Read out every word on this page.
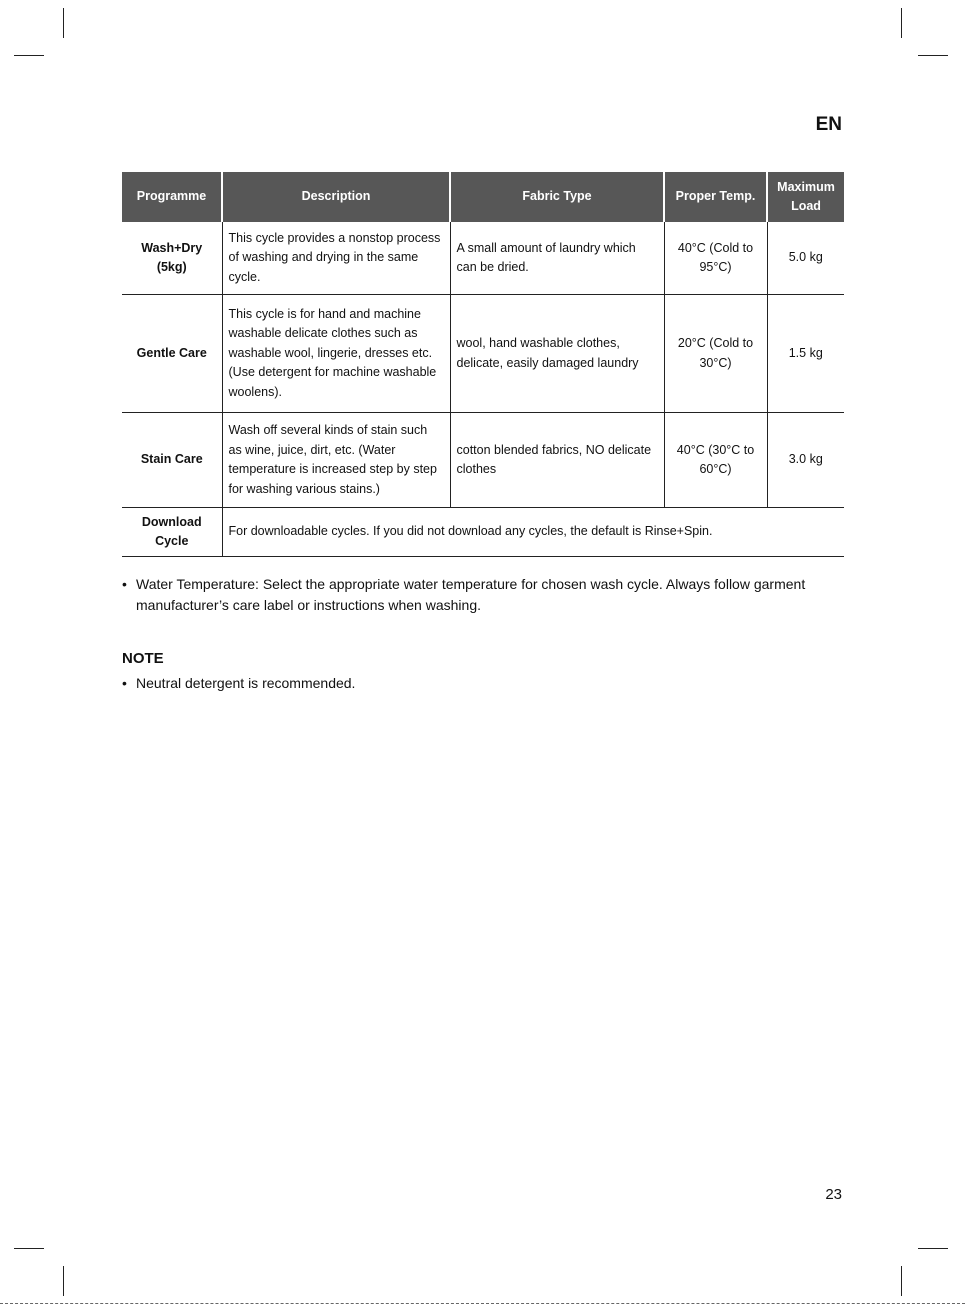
EN
Programme	Description	Fabric Type	Proper Temp.	Maximum Load
Wash+Dry (5kg)	This cycle provides a nonstop process of washing and drying in the same cycle.	A small amount of laundry which can be dried.	40°C (Cold to 95°C)	5.0 kg
Gentle Care	This cycle is for hand and machine washable delicate clothes such as washable wool, lingerie, dresses etc. (Use detergent for machine washable woolens).	wool, hand washable clothes, delicate, easily damaged laundry	20°C (Cold to 30°C)	1.5 kg
Stain Care	Wash off several kinds of stain such as wine, juice, dirt, etc. (Water temperature is increased step by step for washing various stains.)	cotton blended fabrics, NO delicate clothes	40°C (30°C to 60°C)	3.0 kg
Download Cycle	For downloadable cycles. If you did not download any cycles, the default is Rinse+Spin.			
• Water Temperature: Select the appropriate water temperature for chosen wash cycle. Always follow garment manufacturer’s care label or instructions when washing.
NOTE
• Neutral detergent is recommended.
23
